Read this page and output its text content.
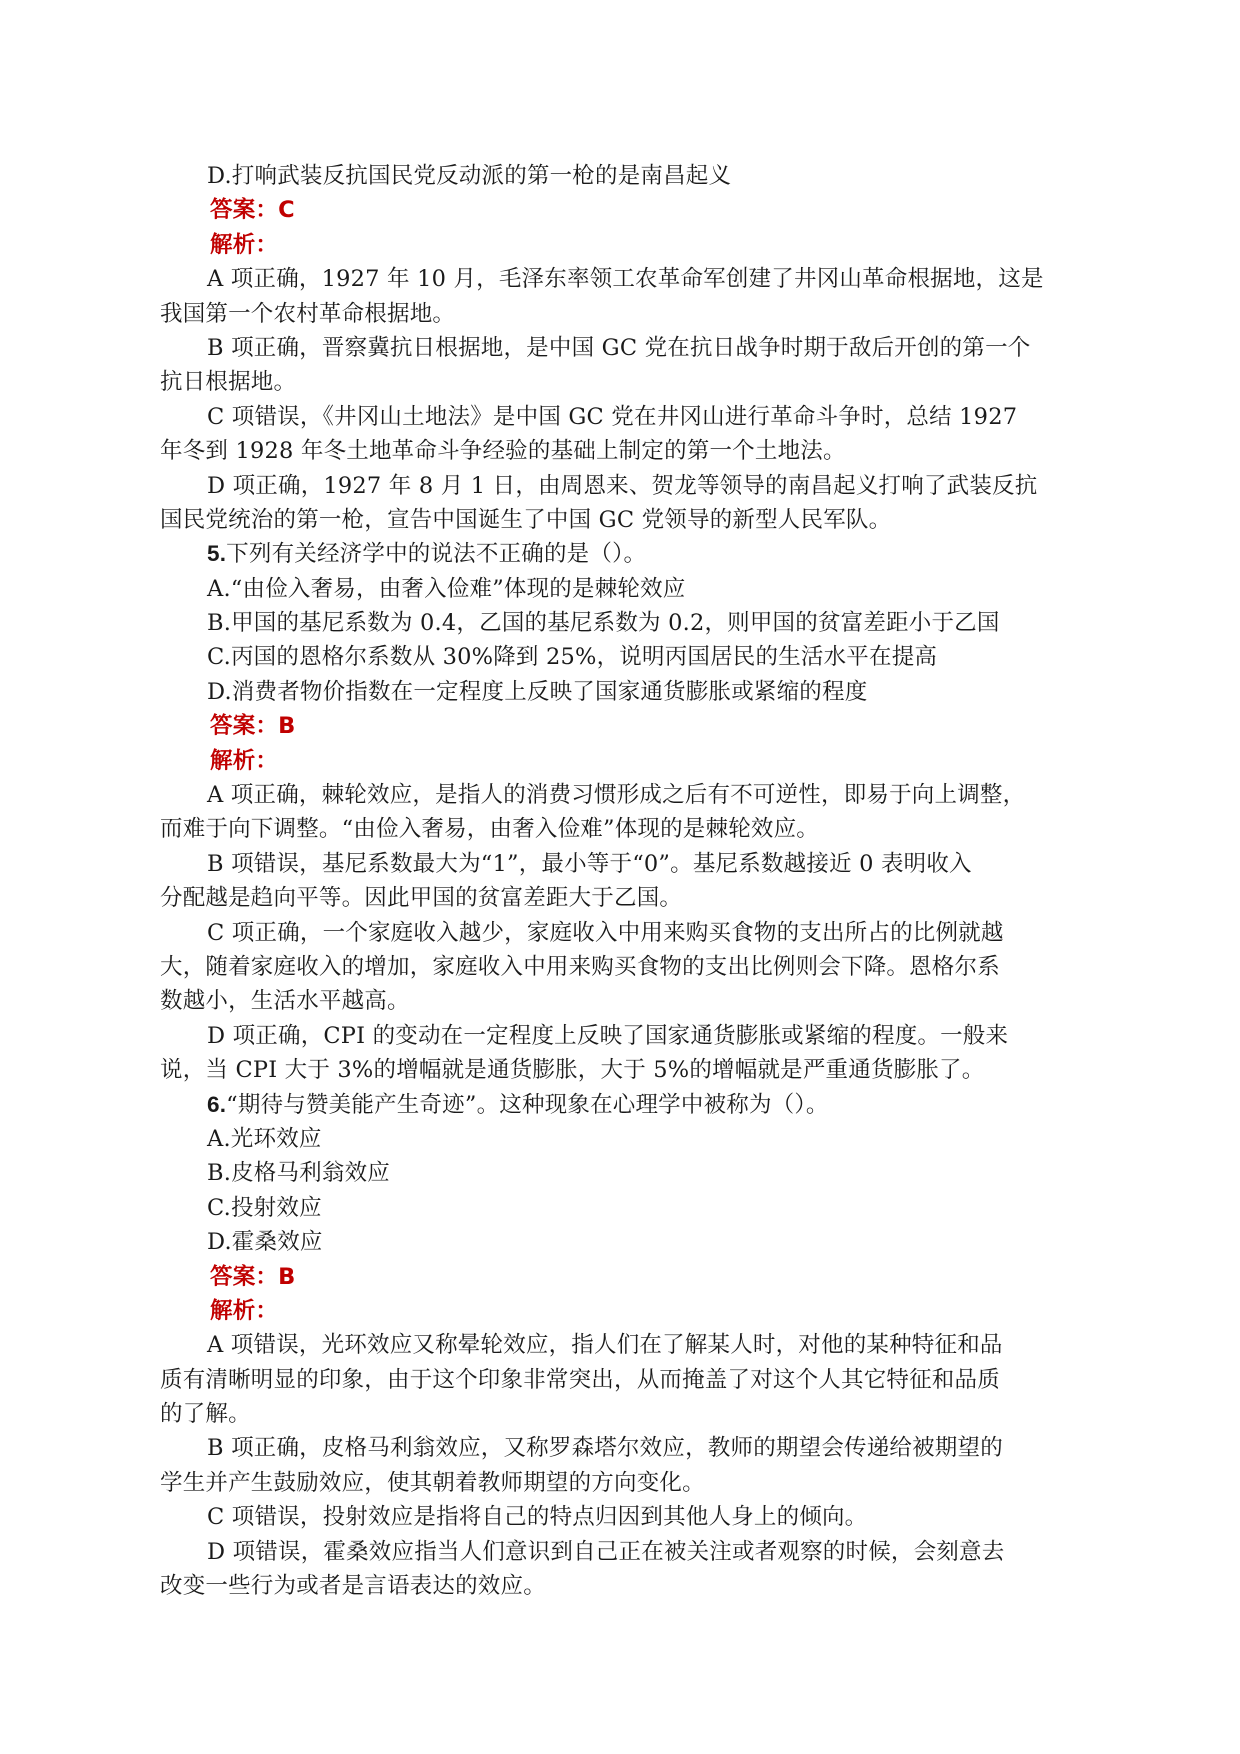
D.打响武装反抗国民党反动派的第一枪的是南昌起义
答案：C
解析：
A 项正确，1927 年 10 月，毛泽东率领工农革命军创建了井冈山革命根据地，这是
我国第一个农村革命根据地。
B 项正确，晋察冀抗日根据地，是中国 GC 党在抗日战争时期于敌后开创的第一个
抗日根据地。
C 项错误，《井冈山土地法》是中国 GC 党在井冈山进行革命斗争时，总结 1927
年冬到 1928 年冬土地革命斗争经验的基础上制定的第一个土地法。
D 项正确，1927 年 8 月 1 日，由周恩来、贺龙等领导的南昌起义打响了武装反抗
国民党统治的第一枪，宣告中国诞生了中国 GC 党领导的新型人民军队。
5.下列有关经济学中的说法不正确的是（）。
A.“由俭入奢易，由奢入俭难”体现的是棘轮效应
B.甲国的基尼系数为 0.4，乙国的基尼系数为 0.2，则甲国的贫富差距小于乙国
C.丙国的恩格尔系数从 30%降到 25%，说明丙国居民的生活水平在提高
D.消费者物价指数在一定程度上反映了国家通货膨胀或紧缩的程度
答案：B
解析：
A 项正确，棘轮效应，是指人的消费习惯形成之后有不可逆性，即易于向上调整，
而难于向下调整。“由俭入奢易，由奢入俭难”体现的是棘轮效应。
B 项错误，基尼系数最大为“1”，最小等于“0”。基尼系数越接近 0 表明收入
分配越是趋向平等。因此甲国的贫富差距大于乙国。
C 项正确，一个家庭收入越少，家庭收入中用来购买食物的支出所占的比例就越
大，随着家庭收入的增加，家庭收入中用来购买食物的支出比例则会下降。恩格尔系
数越小，生活水平越高。
D 项正确，CPI 的变动在一定程度上反映了国家通货膨胀或紧缩的程度。一般来
说，当 CPI 大于 3%的增幅就是通货膨胀，大于 5%的增幅就是严重通货膨胀了。
6.“期待与赞美能产生奇迹”。这种现象在心理学中被称为（）。
A.光环效应
B.皮格马利翁效应
C.投射效应
D.霍桑效应
答案：B
解析：
A 项错误，光环效应又称晕轮效应，指人们在了解某人时，对他的某种特征和品
质有清晰明显的印象，由于这个印象非常突出，从而掩盖了对这个人其它特征和品质
的了解。
B 项正确，皮格马利翁效应，又称罗森塔尔效应，教师的期望会传递给被期望的
学生并产生鼓励效应，使其朝着教师期望的方向变化。
C 项错误，投射效应是指将自己的特点归因到其他人身上的倾向。
D 项错误，霍桑效应指当人们意识到自己正在被关注或者观察的时候，会刻意去
改变一些行为或者是言语表达的效应。
